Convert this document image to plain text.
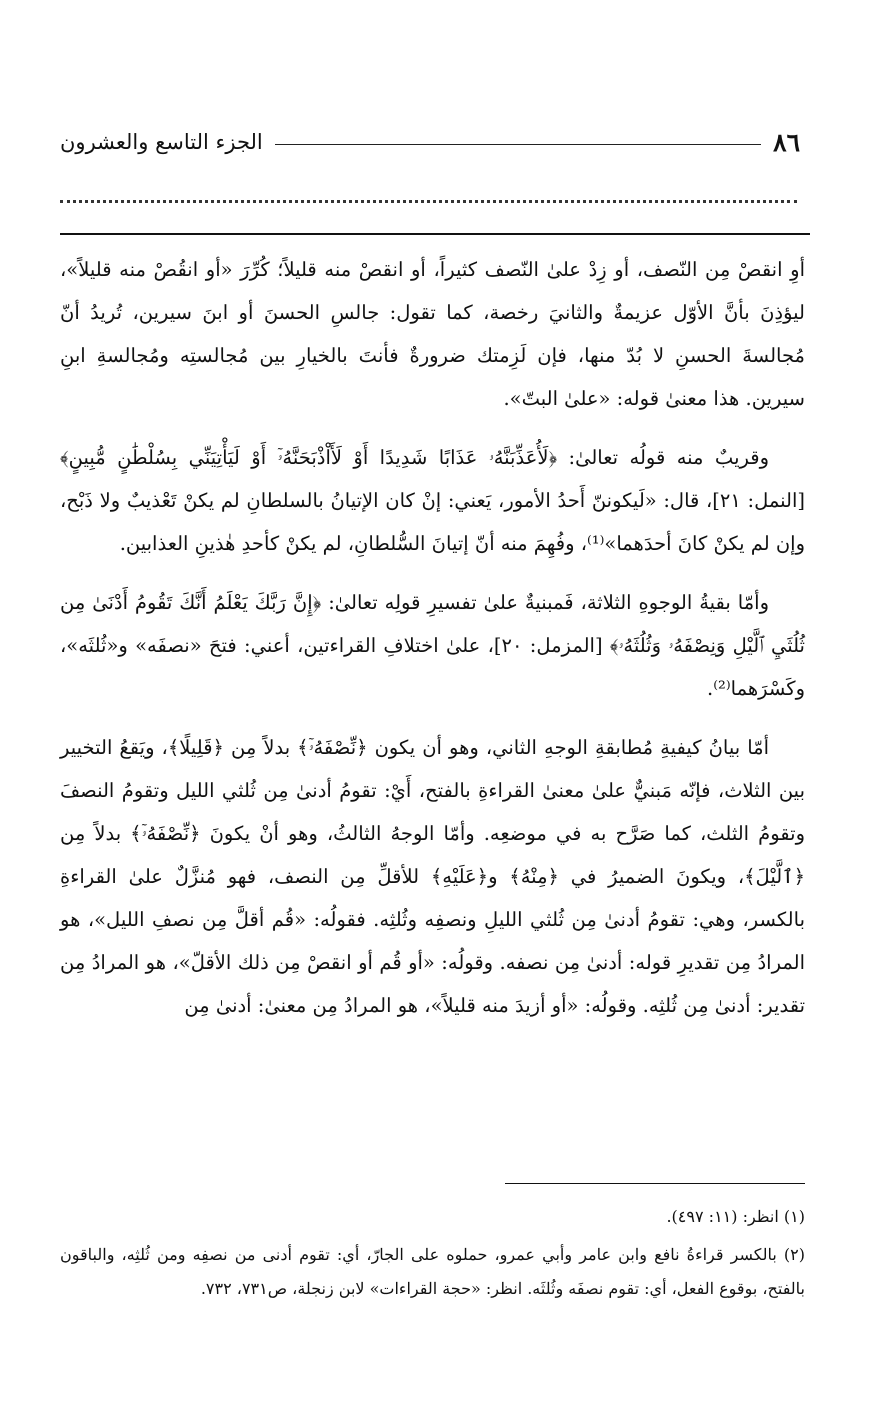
٨٦
الجزء التاسع والعشرون

أوِ انقصْ مِن النّصف، أو زِدْ علىٰ النّصف كثيراً، أو انقصْ منه قليلاً؛ كُرِّرَ «أو انقُصْ منه قليلاً»، ليؤذِنَ بأنَّ الأوّل عزيمةٌ والثانيَ رخصة، كما تقول: جالسِ الحسنَ أو ابنَ سيرين، تُريدُ أنّ مُجالسةَ الحسنِ لا بُدّ منها، فإن لَزِمتك ضرورةٌ فأنتَ بالخيارِ بين مُجالستِه ومُجالسةِ ابنِ سيرين. هذا معنىٰ قوله: «علىٰ البتّ».

وقريبٌ منه قولُه تعالىٰ: ﴿لَأُعَذِّبَنَّهُۥ عَذَابًا شَدِيدًا أَوْ لَأَاْذْبَحَنَّهُۥٓ أَوْ لَيَأْتِيَنِّي بِسُلْطَٰنٍ مُّبِينٍ﴾ [النمل: ٢١]، قال: «لَيكوننّ أَحدُ الأمور، يَعني: إنْ كان الإتيانُ بالسلطانِ لم يكنْ تَعْذيبٌ ولا ذَبْح، وإن لم يكنْ كانَ أحدَهما»⁽¹⁾، وفُهِمَ منه أنّ إتيانَ السُّلطانِ، لم يكنْ كأحدِ هٰذينِ العذابين.

وأمّا بقيةُ الوجوهِ الثلاثة، فَمبنيةٌ علىٰ تفسيرِ قولِه تعالىٰ: ﴿إِنَّ رَبَّكَ يَعْلَمُ أَنَّكَ تَقُومُ أَدْنَىٰ مِن ثُلُثَيِ ٱلَّيْلِ وَنِصْفَهُۥ وَثُلُثَهُۥ﴾ [المزمل: ٢٠]، علىٰ اختلافِ القراءتين، أعني: فتحَ «نصفَه» و«ثُلثَه»، وكَسْرَهما⁽²⁾.

أمّا بيانُ كيفيةِ مُطابقةِ الوجهِ الثاني، وهو أن يكون ﴿نِّصْفَهُۥٓ﴾ بدلاً مِن ﴿قَلِيلًا﴾، ويَقعُ التخيير بين الثلاث، فإنّه مَبنيٌّ علىٰ معنىٰ القراءةِ بالفتح، أَيْ: تقومُ أدنىٰ مِن ثُلثي الليل وتقومُ النصفَ وتقومُ الثلث، كما صَرَّح به في موضعِه. وأمّا الوجهُ الثالثُ، وهو أنْ يكونَ ﴿نِّصْفَهُۥٓ﴾ بدلاً مِن ﴿ٱلَّيْلَ﴾، ويكونَ الضميرُ في ﴿مِنْهُ﴾ و﴿عَلَيْهِ﴾ للأقلِّ مِن النصف، فهو مُنزَّلٌ علىٰ القراءةِ بالكسر، وهي: تقومُ أدنىٰ مِن ثُلثي الليلِ ونصفِه وثُلثِه. فقولُه: «قُم أقلَّ مِن نصفِ الليل»، هو المرادُ مِن تقديرِ قوله: أدنىٰ مِن نصفه. وقولُه: «أو قُم أو انقصْ مِن ذلك الأقلّ»، هو المرادُ مِن تقدير: أدنىٰ مِن ثُلثِه. وقولُه: «أو أزيدَ منه قليلاً»، هو المرادُ مِن معنىٰ: أدنىٰ مِن

(١) انظر: (١١: ٤٩٧).

(٢) بالكسر قراءةُ نافع وابن عامر وأبي عمرو، حملوه على الجارّ، أي: تقوم أدنى من نصفِه ومن ثُلثِه، والباقون بالفتح، بوقوع الفعل، أي: تقوم نصفَه وثُلثَه. انظر: «حجة القراءات» لابن زنجلة، ص٧٣١، ٧٣٢.
